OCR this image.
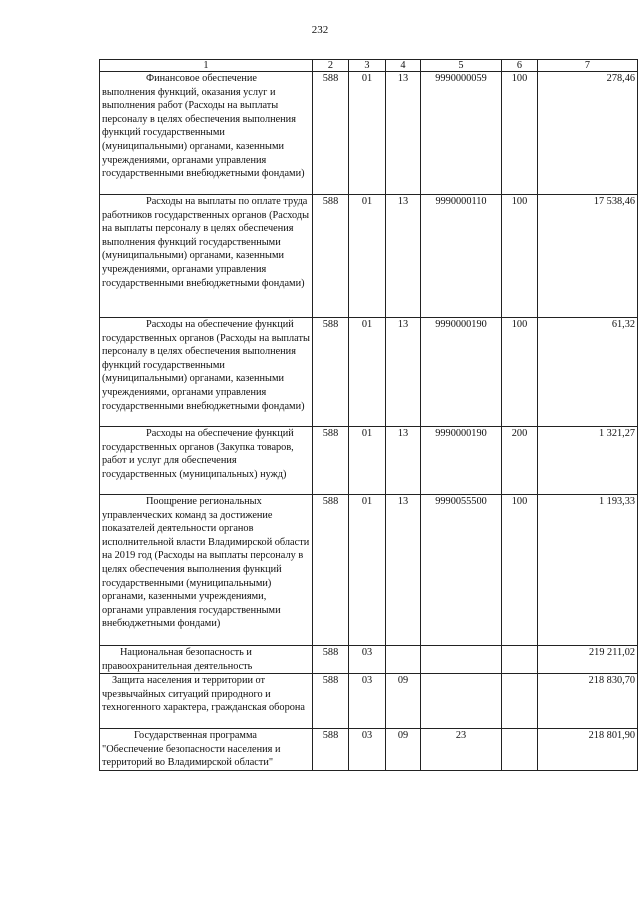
232
1	2	3	4	5	6	7

Финансовое обеспечение выполнения функций, оказания услуг и выполнения работ (Расходы на выплаты персоналу в целях обеспечения выполнения функций государственными (муниципальными) органами, казенными учреждениями, органами управления государственными внебюджетными фондами)	588	01	13	9990000059	100	278,46

Расходы на выплаты по оплате труда работников государственных органов (Расходы на выплаты персоналу в целях обеспечения выполнения функций государственными (муниципальными) органами, казенными учреждениями, органами управления государственными внебюджетными фондами)	588	01	13	9990000110	100	17 538,46

Расходы на обеспечение функций государственных органов (Расходы на выплаты персоналу в целях обеспечения выполнения функций государственными (муниципальными) органами, казенными учреждениями, органами управления государственными внебюджетными фондами)	588	01	13	9990000190	100	61,32

Расходы на обеспечение функций государственных органов (Закупка товаров, работ и услуг для обеспечения государственных (муниципальных) нужд)	588	01	13	9990000190	200	1 321,27

Поощрение региональных управленческих команд за достижение показателей деятельности органов исполнительной власти Владимирской области на 2019 год (Расходы на выплаты персоналу в целях обеспечения выполнения функций государственными (муниципальными) органами, казенными учреждениями, органами управления государственными внебюджетными фондами)	588	01	13	9990055500	100	1 193,33

Национальная безопасность и правоохранительная деятельность	588	03				219 211,02

Защита населения и территории от чрезвычайных ситуаций природного и техногенного характера, гражданская оборона	588	03	09			218 830,70

Государственная программа "Обеспечение безопасности населения и территорий во Владимирской области"	588	03	09	23		218 801,90
